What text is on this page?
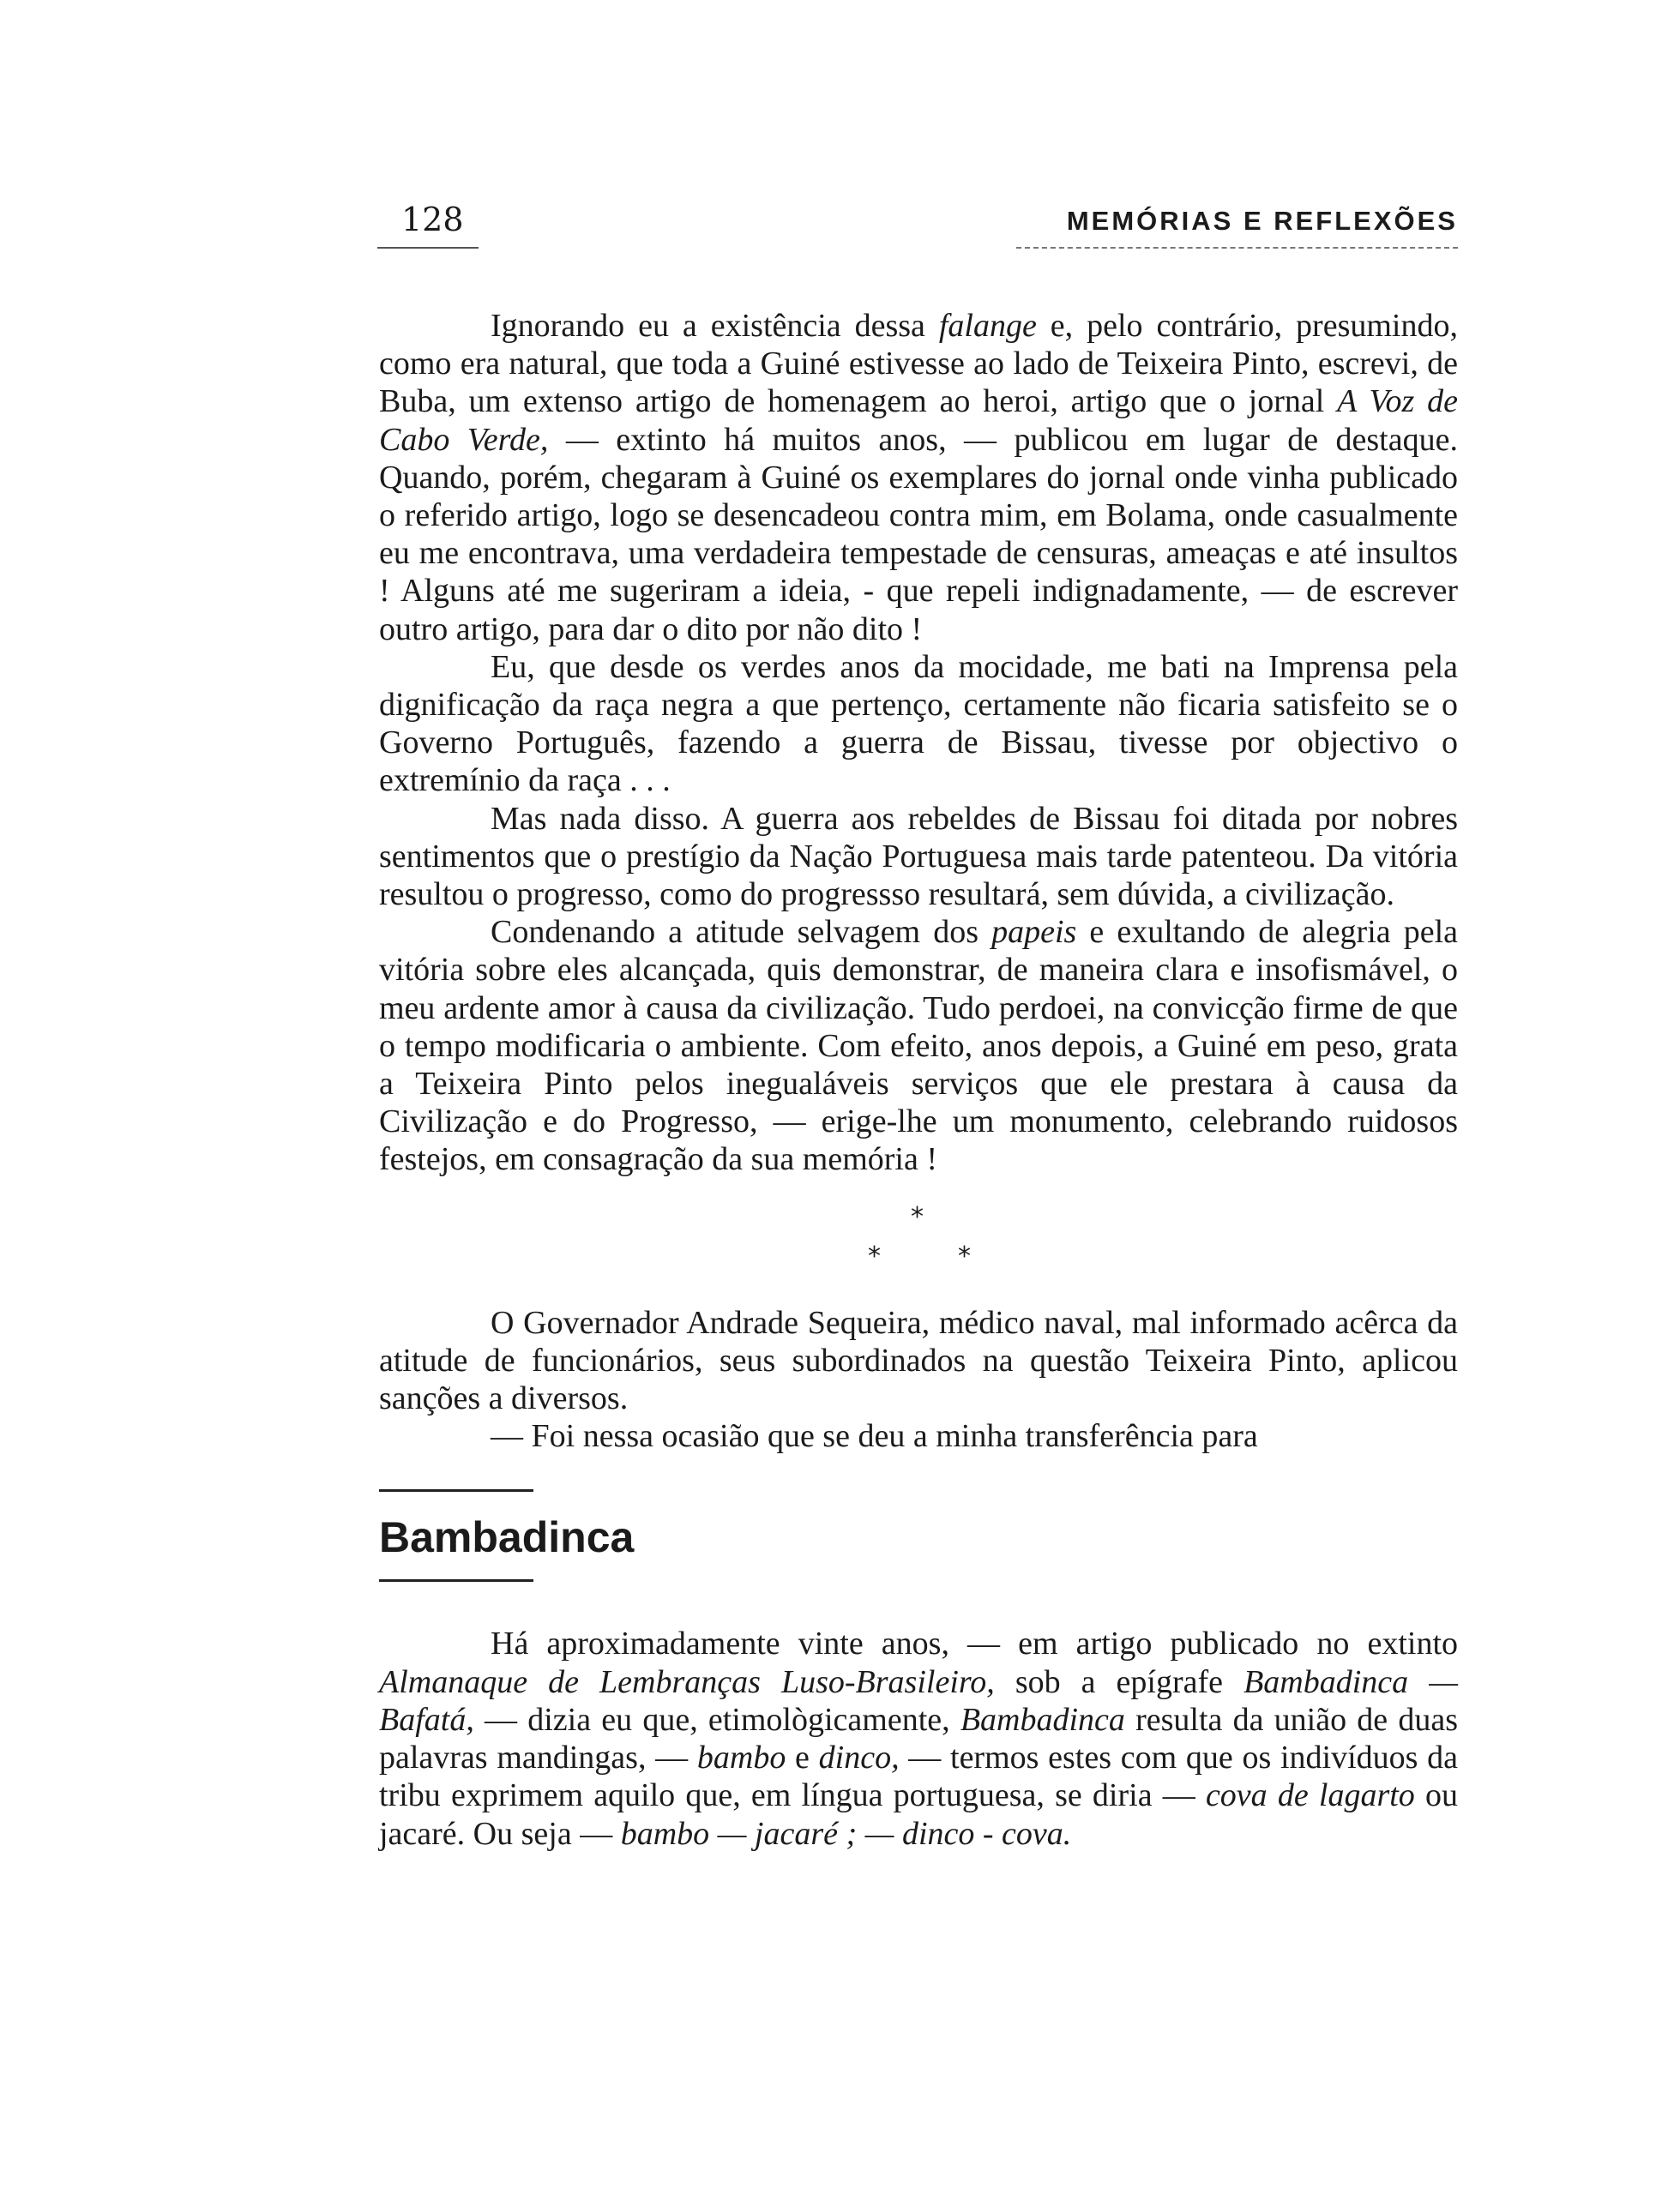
128	MEMÓRIAS E REFLEXÕES

Ignorando eu a existência dessa falange e, pelo contrário, presumindo, como era natural, que toda a Guiné estivesse ao lado de Teixeira Pinto, escrevi, de Buba, um extenso artigo de homenagem ao heroi, artigo que o jornal A Voz de Cabo Verde, — extinto há muitos anos, — publicou em lugar de destaque. Quando, porém, chegaram à Guiné os exemplares do jornal onde vinha publicado o referido artigo, logo se desencadeou contra mim, em Bolama, onde casualmente eu me encontrava, uma verdadeira tempestade de censuras, ameaças e até insultos ! Alguns até me sugeriram a ideia, - que repeli indignadamente, — de escrever outro artigo, para dar o dito por não dito !

Eu, que desde os verdes anos da mocidade, me bati na Imprensa pela dignificação da raça negra a que pertenço, certamente não ficaria satisfeito se o Governo Português, fazendo a guerra de Bissau, tivesse por objectivo o extremínio da raça . . .

Mas nada disso. A guerra aos rebeldes de Bissau foi ditada por nobres sentimentos que o prestígio da Nação Portuguesa mais tarde patenteou. Da vitória resultou o progresso, como do progressso resultará, sem dúvida, a civilização.

Condenando a atitude selvagem dos papeis e exultando de alegria pela vitória sobre eles alcançada, quis demonstrar, de maneira clara e insofismável, o meu ardente amor à causa da civilização. Tudo perdoei, na convicção firme de que o tempo modificaria o ambiente. Com efeito, anos depois, a Guiné em peso, grata a Teixeira Pinto pelos inegualáveis serviços que ele prestara à causa da Civilização e do Progresso, — erige-lhe um monumento, celebrando ruidosos festejos, em consagração da sua memória !

*
*	*

O Governador Andrade Sequeira, médico naval, mal informado acêrca da atitude de funcionários, seus subordinados na questão Teixeira Pinto, aplicou sanções a diversos.

— Foi nessa ocasião que se deu a minha transferência para

Bambadinca

Há aproximadamente vinte anos, — em artigo publicado no extinto Almanaque de Lembranças Luso-Brasileiro, sob a epígrafe Bambadinca — Bafatá, — dizia eu que, etimològicamente, Bambadinca resulta da união de duas palavras mandingas, — bambo e dinco, — termos estes com que os indivíduos da tribu exprimem aquilo que, em língua portuguesa, se diria — cova de lagarto ou jacaré. Ou seja — bambo — jacaré ; — dinco - cova.
